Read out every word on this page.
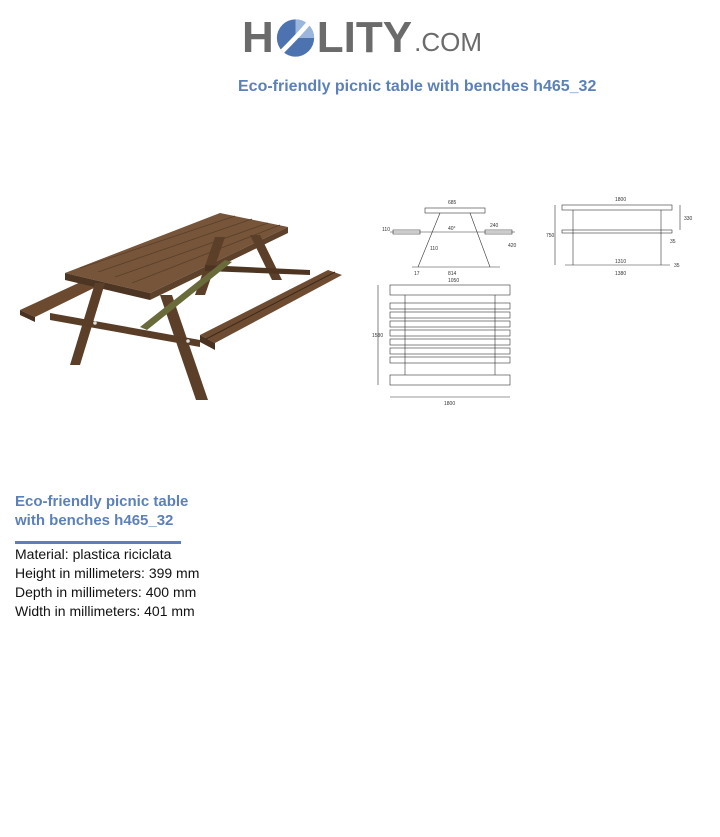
H LITY .COM
Eco-friendly picnic table with benches h465_32
685
110
240
40°
420
110
17	814
1050
1800
750
330
35
1310
1380
35
1580
1800
Eco-friendly picnic table
with benches h465_32
Material: plastica riciclata
Height in millimeters: 399 mm
Depth in millimeters: 400 mm
Width in millimeters: 401 mm
